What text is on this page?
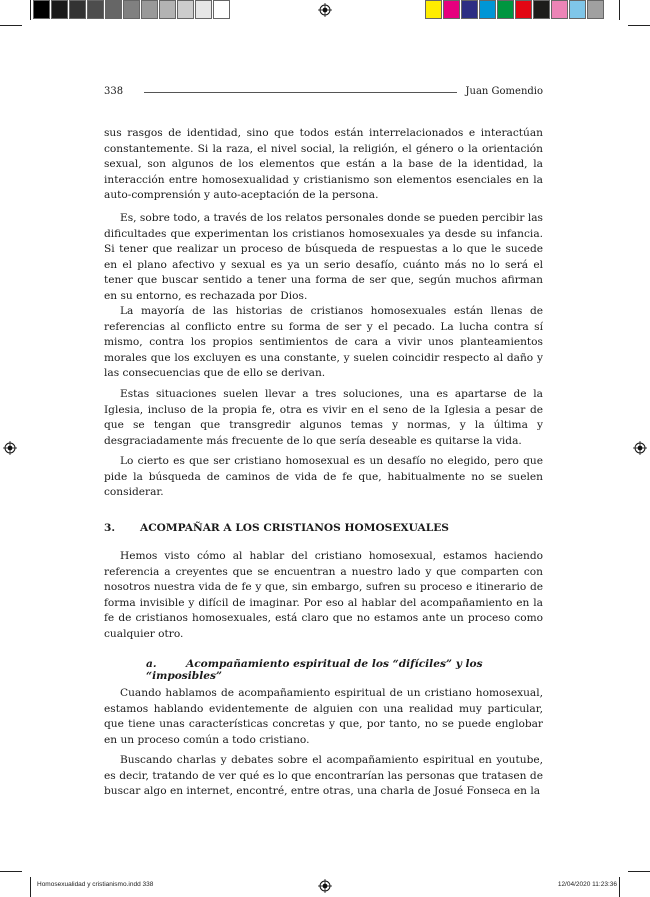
338	Juan Gomendio

sus rasgos de identidad, sino que todos están interrelacionados e interactúan constantemente. Si la raza, el nivel social, la religión, el género o la orientación sexual, son algunos de los elementos que están a la base de la identidad, la interacción entre homosexualidad y cristianismo son elementos esenciales en la auto-comprensión y auto-aceptación de la persona.

Es, sobre todo, a través de los relatos personales donde se pueden percibir las dificultades que experimentan los cristianos homosexuales ya desde su infancia. Si tener que realizar un proceso de búsqueda de respuestas a lo que le sucede en el plano afectivo y sexual es ya un serio desafío, cuánto más no lo será el tener que buscar sentido a tener una forma de ser que, según muchos afirman en su entorno, es rechazada por Dios.

La mayoría de las historias de cristianos homosexuales están llenas de referencias al conflicto entre su forma de ser y el pecado. La lucha contra sí mismo, contra los propios sentimientos de cara a vivir unos planteamientos morales que los excluyen es una constante, y suelen coincidir respecto al daño y las consecuencias que de ello se derivan.

Estas situaciones suelen llevar a tres soluciones, una es apartarse de la Iglesia, incluso de la propia fe, otra es vivir en el seno de la Iglesia a pesar de que se tengan que transgredir algunos temas y normas, y la última y desgraciadamente más frecuente de lo que sería deseable es quitarse la vida.

Lo cierto es que ser cristiano homosexual es un desafío no elegido, pero que pide la búsqueda de caminos de vida de fe que, habitualmente no se suelen considerar.

3. ACOMPAÑAR A LOS CRISTIANOS HOMOSEXUALES

Hemos visto cómo al hablar del cristiano homosexual, estamos haciendo referencia a creyentes que se encuentran a nuestro lado y que comparten con nosotros nuestra vida de fe y que, sin embargo, sufren su proceso e itinerario de forma invisible y difícil de imaginar. Por eso al hablar del acompañamiento en la fe de cristianos homosexuales, está claro que no estamos ante un proceso como cualquier otro.

a.	Acompañamiento espiritual de los “difíciles” y los “imposibles”

Cuando hablamos de acompañamiento espiritual de un cristiano homosexual, estamos hablando evidentemente de alguien con una realidad muy particular, que tiene unas características concretas y que, por tanto, no se puede englobar en un proceso común a todo cristiano.

Buscando charlas y debates sobre el acompañamiento espiritual en youtube, es decir, tratando de ver qué es lo que encontrarían las personas que tratasen de buscar algo en internet, encontré, entre otras, una charla de Josué Fonseca en la

Homosexualidad y cristianismo.indd 338	12/04/2020 11:23:36
